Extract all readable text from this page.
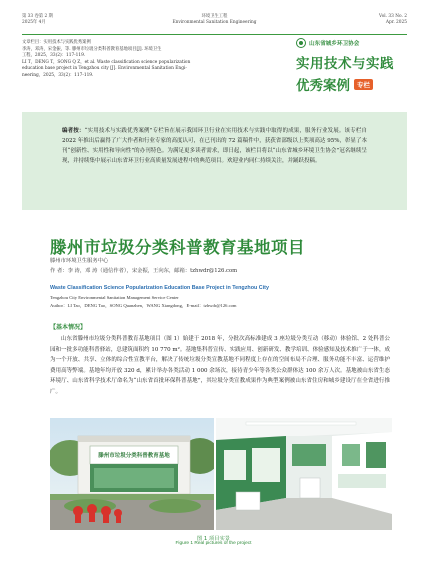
第 33 卷第 2 期
2025年 4月
环境卫生工程
Environmental Sanitation Engineering
Vol. 33 No. 2
Apr. 2025
文章栏目：实用技术与实践优秀案例
李涛，邓涛，宋金振，等. 滕州市垃圾分类科普教育基地项目[J]. 环境卫生
工程，2025，33(2)：117-119.
LI T，DENG T，SONG Q Z，et al. Waste classification science popularization
education base project in Tengzhou city [J]. Environmental Sanitation Engi-
neering，2025，33(2)：117-119.
山东省城乡环卫协会
实用技术与实践
优秀案例	专栏
编者按：“实用技术与实践优秀案例”专栏旨在展示我国环卫行业在实用技术与实践中取得的成果，服务行业发展。该专栏自 2022 年推出后赢得了广大作者和行业专家的高度认可，在已刊出的 72 篇稿件中，获获省部级以上奖项高达 95%，彰显了本刊“创新性、实用性和导向性”的办刊特色。为满足更多读者需求，即日起，该栏目将以“山东省城乡环境卫生协会”冠名继续呈现，并持续集中展示山东省环卫行业高质量发展进程中的典范项目。欢迎业内同仁持续关注，并踊跃投稿。
滕州市垃圾分类科普教育基地项目
滕州市环境卫生服务中心
作 者：李 涛，邓 涛（通信作者），宋金振，王向东，邮箱：tzhwdr@126.com
Waste Classification Science Popularization Education Base Project in Tengzhou City
Tengzhou City Environmental Sanitation Management Service Center
Author：LI Tao，DENG Tao，SONG Quanzhen，WANG Xiangdong，E-mail：tzhwdr@126.com
【基本情况】
山东省滕州市垃圾分类科普教育基地项目（图 1）始建于 2018 年，分批次高标准建成 3 座垃圾分类互动（移动）体验馆、2 处科普公园和一批多功能科普驿站，总建筑面积约 10 770 m²。基地集科普宣传、实践应用、创新研发、教学培训、体验感知及技术推广于一体，成为一个开放、共享、立体的综合性宣教平台，解决了传统垃圾分类宣教基地不同程度上存在的空间布局不合理、服务功能不丰富、运营维护费用高等弊端。基地年均开放 320 d，累计举办各类活动 1 000 余场次，接待青少年等各类公众群体达 100 余万人次。基地被山东省生态环境厅、山东省科学技术厅命名为“山东省首批环保科普基地”，其垃圾分类宣教成果作为典型案例被山东省住房和城乡建设厅在全省进行推广。
滕州市垃圾分类科普教育基地
图 1 项目实景
Figure 1 Real pictures of the project
